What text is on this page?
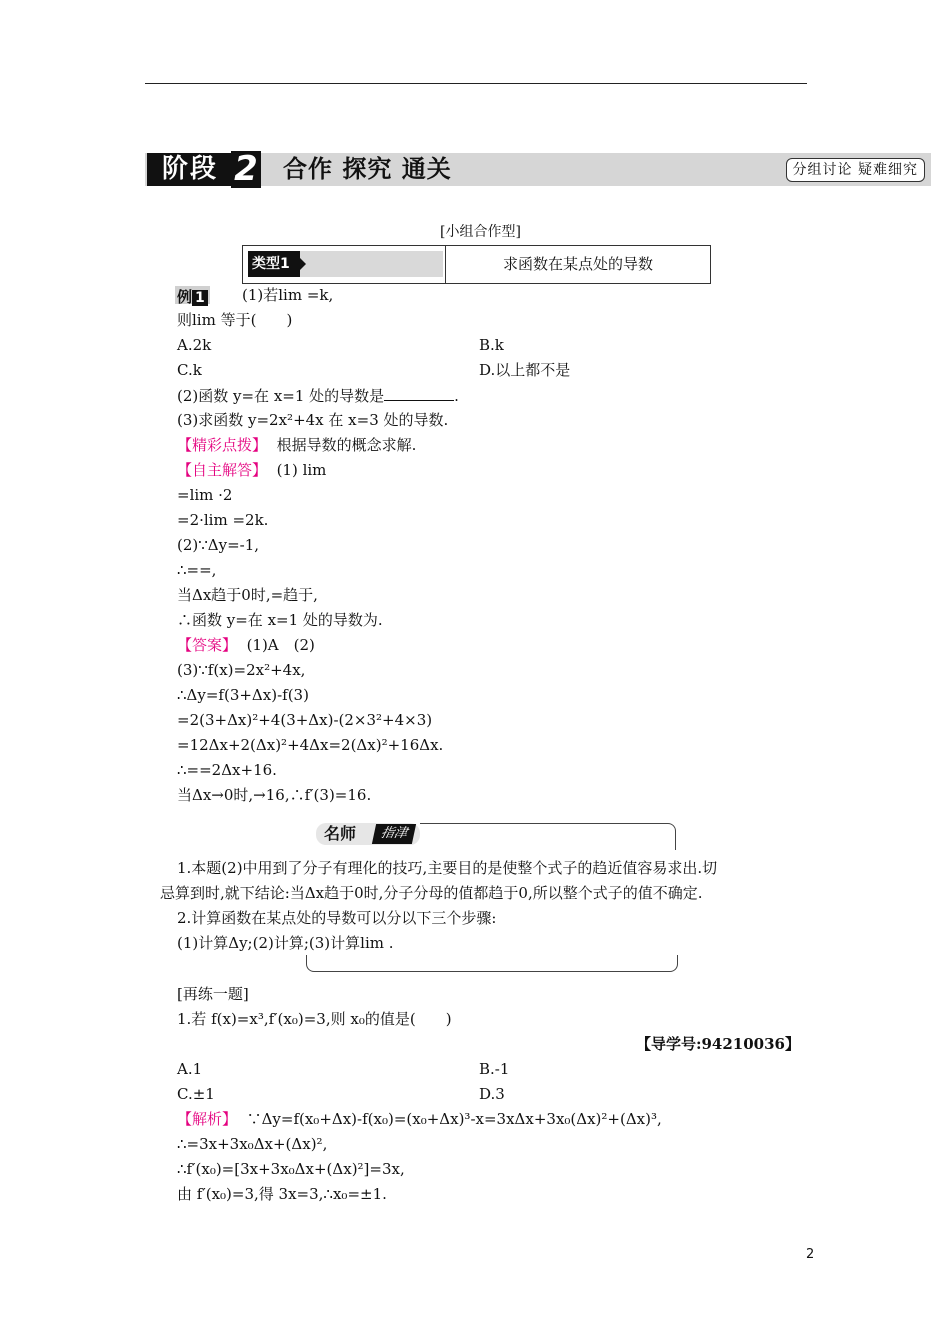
阶段 2 合作 探究 通关	分组讨论 疑难细究
[小组合作型]
类型1	求函数在某点处的导数
例 1	(1)若lim =k,
则lim 等于(　　)
A.2k	B.k
C.k	D.以上都不是
(2)函数 y=在 x=1 处的导数是	.
(3)求函数 y=2x²+4x 在 x=3 处的导数.
【精彩点拨】 根据导数的概念求解.
【自主解答】 (1) lim
=lim ·2
=2·lim =2k.
(2)∵Δy=-1,
∴==,
当Δx趋于0时,=趋于,
∴函数 y=在 x=1 处的导数为.
【答案】 (1)A　(2)
(3)∵f(x)=2x²+4x,
∴Δy=f(3+Δx)-f(3)
=2(3+Δx)²+4(3+Δx)-(2×3²+4×3)
=12Δx+2(Δx)²+4Δx=2(Δx)²+16Δx.
∴==2Δx+16.
当Δx→0时,→16,∴f′(3)=16.
名师	指津
1.本题(2)中用到了分子有理化的技巧,主要目的是使整个式子的趋近值容易求出.切
忌算到时,就下结论:当Δx趋于0时,分子分母的值都趋于0,所以整个式子的值不确定.
2.计算函数在某点处的导数可以分以下三个步骤:
(1)计算Δy;(2)计算;(3)计算lim .
[再练一题]
1.若 f(x)=x³,f′(x₀)=3,则 x₀的值是(　　)
【导学号:94210036】
A.1	B.-1
C.±1	D.3
【解析】 ∵Δy=f(x₀+Δx)-f(x₀)=(x₀+Δx)³-x=3xΔx+3x₀(Δx)²+(Δx)³,
∴=3x+3x₀Δx+(Δx)²,
∴f′(x₀)=[3x+3x₀Δx+(Δx)²]=3x,
由 f′(x₀)=3,得 3x=3,∴x₀=±1.
2
